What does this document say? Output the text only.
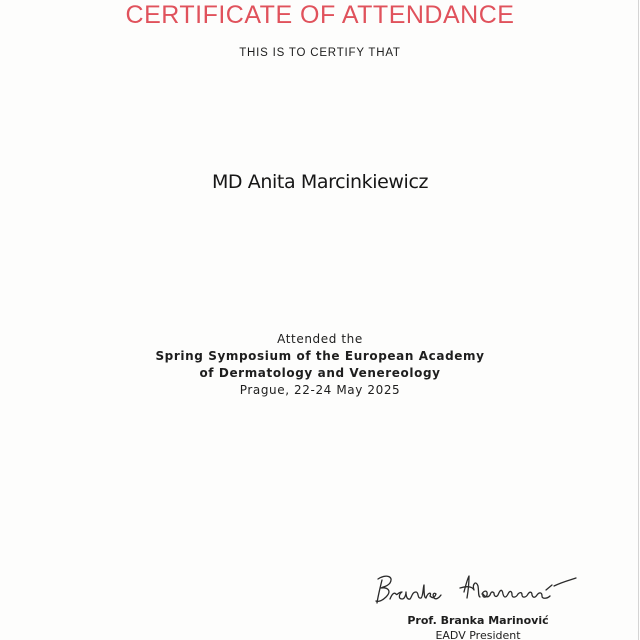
CERTIFICATE OF ATTENDANCE
THIS IS TO CERTIFY THAT
MD Anita Marcinkiewicz
Attended the
Spring Symposium of the European Academy
of Dermatology and Venereology
Prague, 22-24 May 2025
Prof. Branka Marinović
EADV President
